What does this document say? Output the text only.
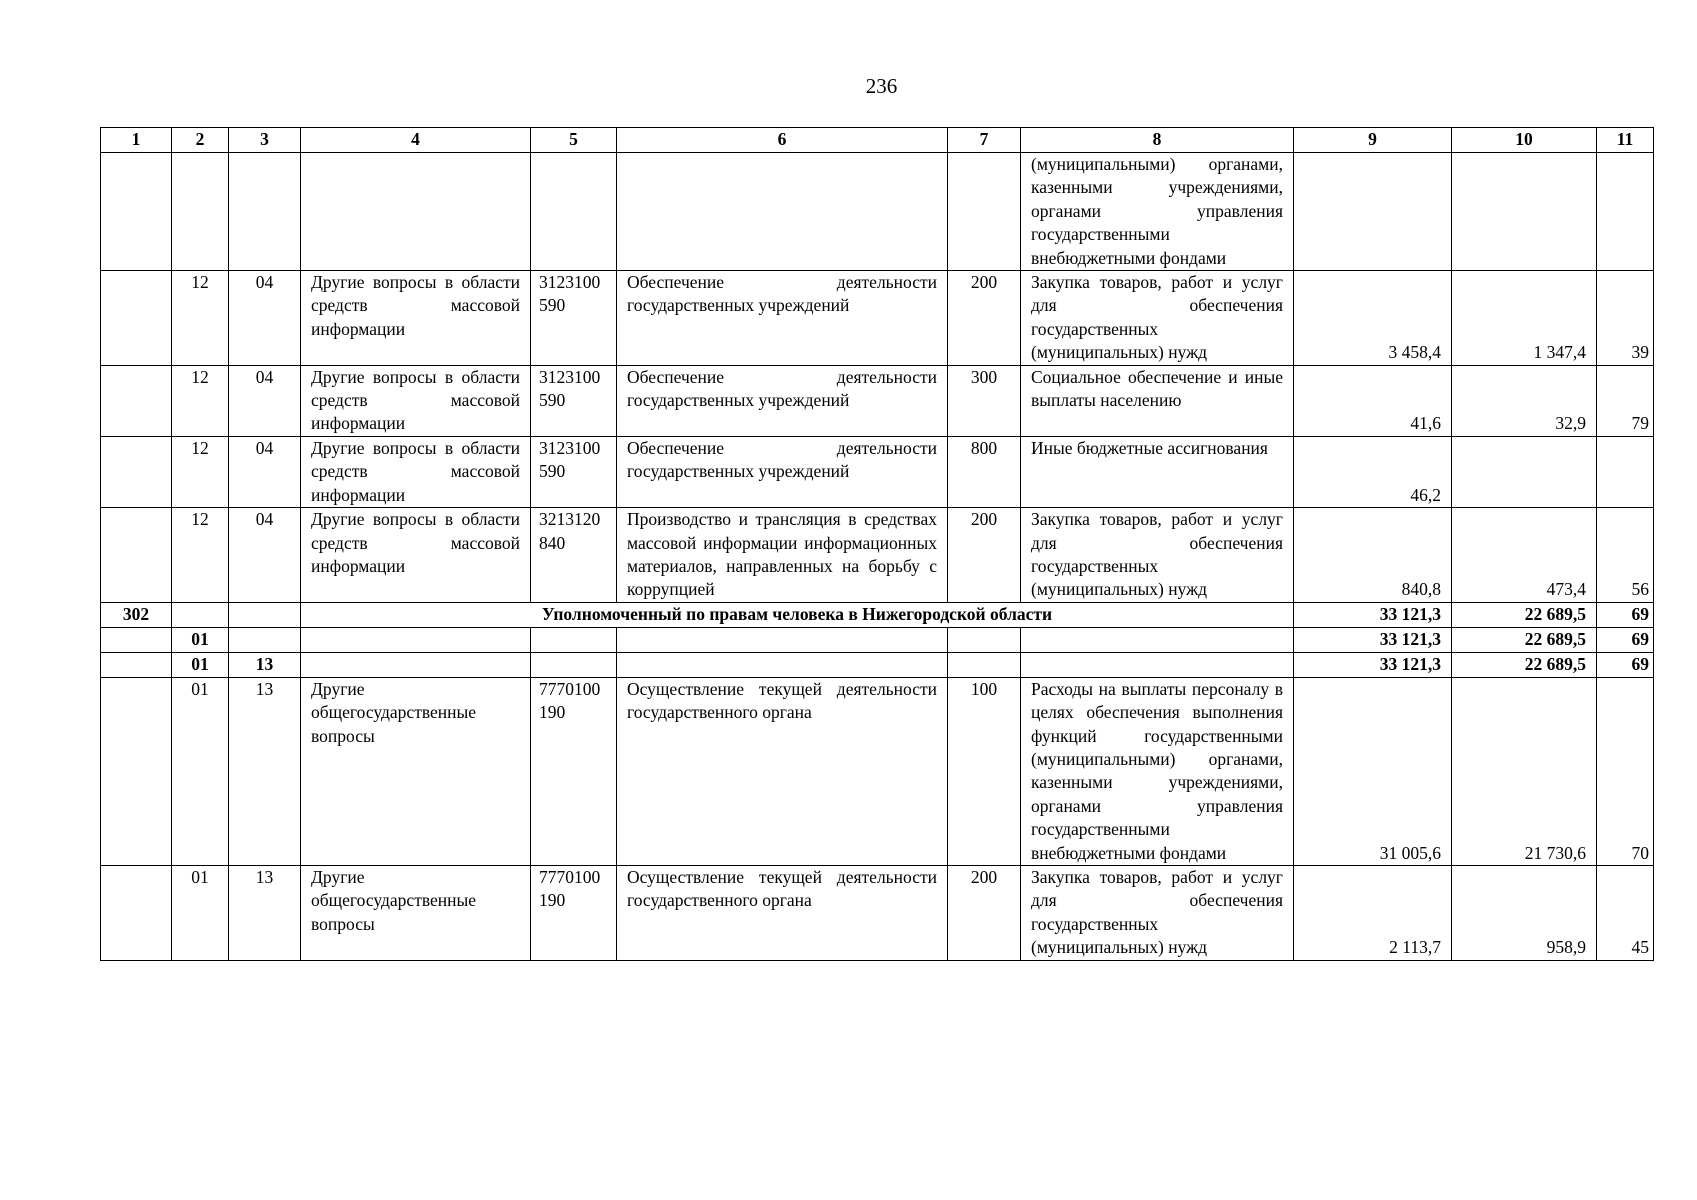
236
1	2	3	4	5	6	7	8	9	10	11
							(муниципальными) органами, казенными учреждениями, органами управления государственными внебюджетными фондами			
	12	04	Другие вопросы в области средств массовой информации	3123100590	Обеспечение деятельности государственных учреждений	200	Закупка товаров, работ и услуг для обеспечения государственных (муниципальных) нужд	3 458,4	1 347,4	39
	12	04	Другие вопросы в области средств массовой информации	3123100590	Обеспечение деятельности государственных учреждений	300	Социальное обеспечение и иные выплаты населению	41,6	32,9	79
	12	04	Другие вопросы в области средств массовой информации	3123100590	Обеспечение деятельности государственных учреждений	800	Иные бюджетные ассигнования	46,2		
	12	04	Другие вопросы в области средств массовой информации	3213120840	Производство и трансляция в средствах массовой информации информационных материалов, направленных на борьбу с коррупцией	200	Закупка товаров, работ и услуг для обеспечения государственных (муниципальных) нужд	840,8	473,4	56
302			Уполномоченный по правам человека в Нижегородской области					33 121,3	22 689,5	69
	01							33 121,3	22 689,5	69
	01	13						33 121,3	22 689,5	69
	01	13	Другие общегосударственные вопросы	7770100190	Осуществление текущей деятельности государственного органа	100	Расходы на выплаты персоналу в целях обеспечения выполнения функций государственными (муниципальными) органами, казенными учреждениями, органами управления государственными внебюджетными фондами	31 005,6	21 730,6	70
	01	13	Другие общегосударственные вопросы	7770100190	Осуществление текущей деятельности государственного органа	200	Закупка товаров, работ и услуг для обеспечения государственных (муниципальных) нужд	2 113,7	958,9	45
